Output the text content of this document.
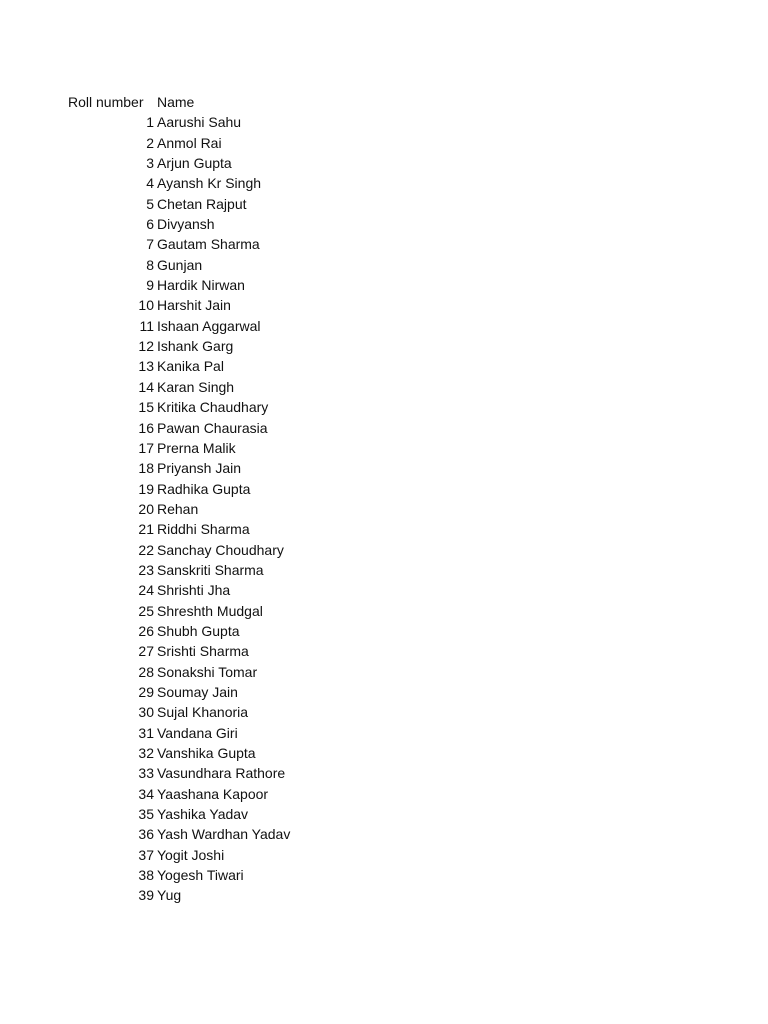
Roll number Name
1 Aarushi Sahu
2 Anmol Rai
3 Arjun Gupta
4 Ayansh Kr Singh
5 Chetan Rajput
6 Divyansh
7 Gautam Sharma
8 Gunjan
9 Hardik Nirwan
10 Harshit Jain
11 Ishaan Aggarwal
12 Ishank Garg
13 Kanika Pal
14 Karan Singh
15 Kritika Chaudhary
16 Pawan Chaurasia
17 Prerna Malik
18 Priyansh Jain
19 Radhika Gupta
20 Rehan
21 Riddhi Sharma
22 Sanchay Choudhary
23 Sanskriti Sharma
24 Shrishti Jha
25 Shreshth Mudgal
26 Shubh Gupta
27 Srishti Sharma
28 Sonakshi Tomar
29 Soumay Jain
30 Sujal Khanoria
31 Vandana Giri
32 Vanshika Gupta
33 Vasundhara Rathore
34 Yaashana Kapoor
35 Yashika Yadav
36 Yash Wardhan Yadav
37 Yogit Joshi
38 Yogesh Tiwari
39 Yug
